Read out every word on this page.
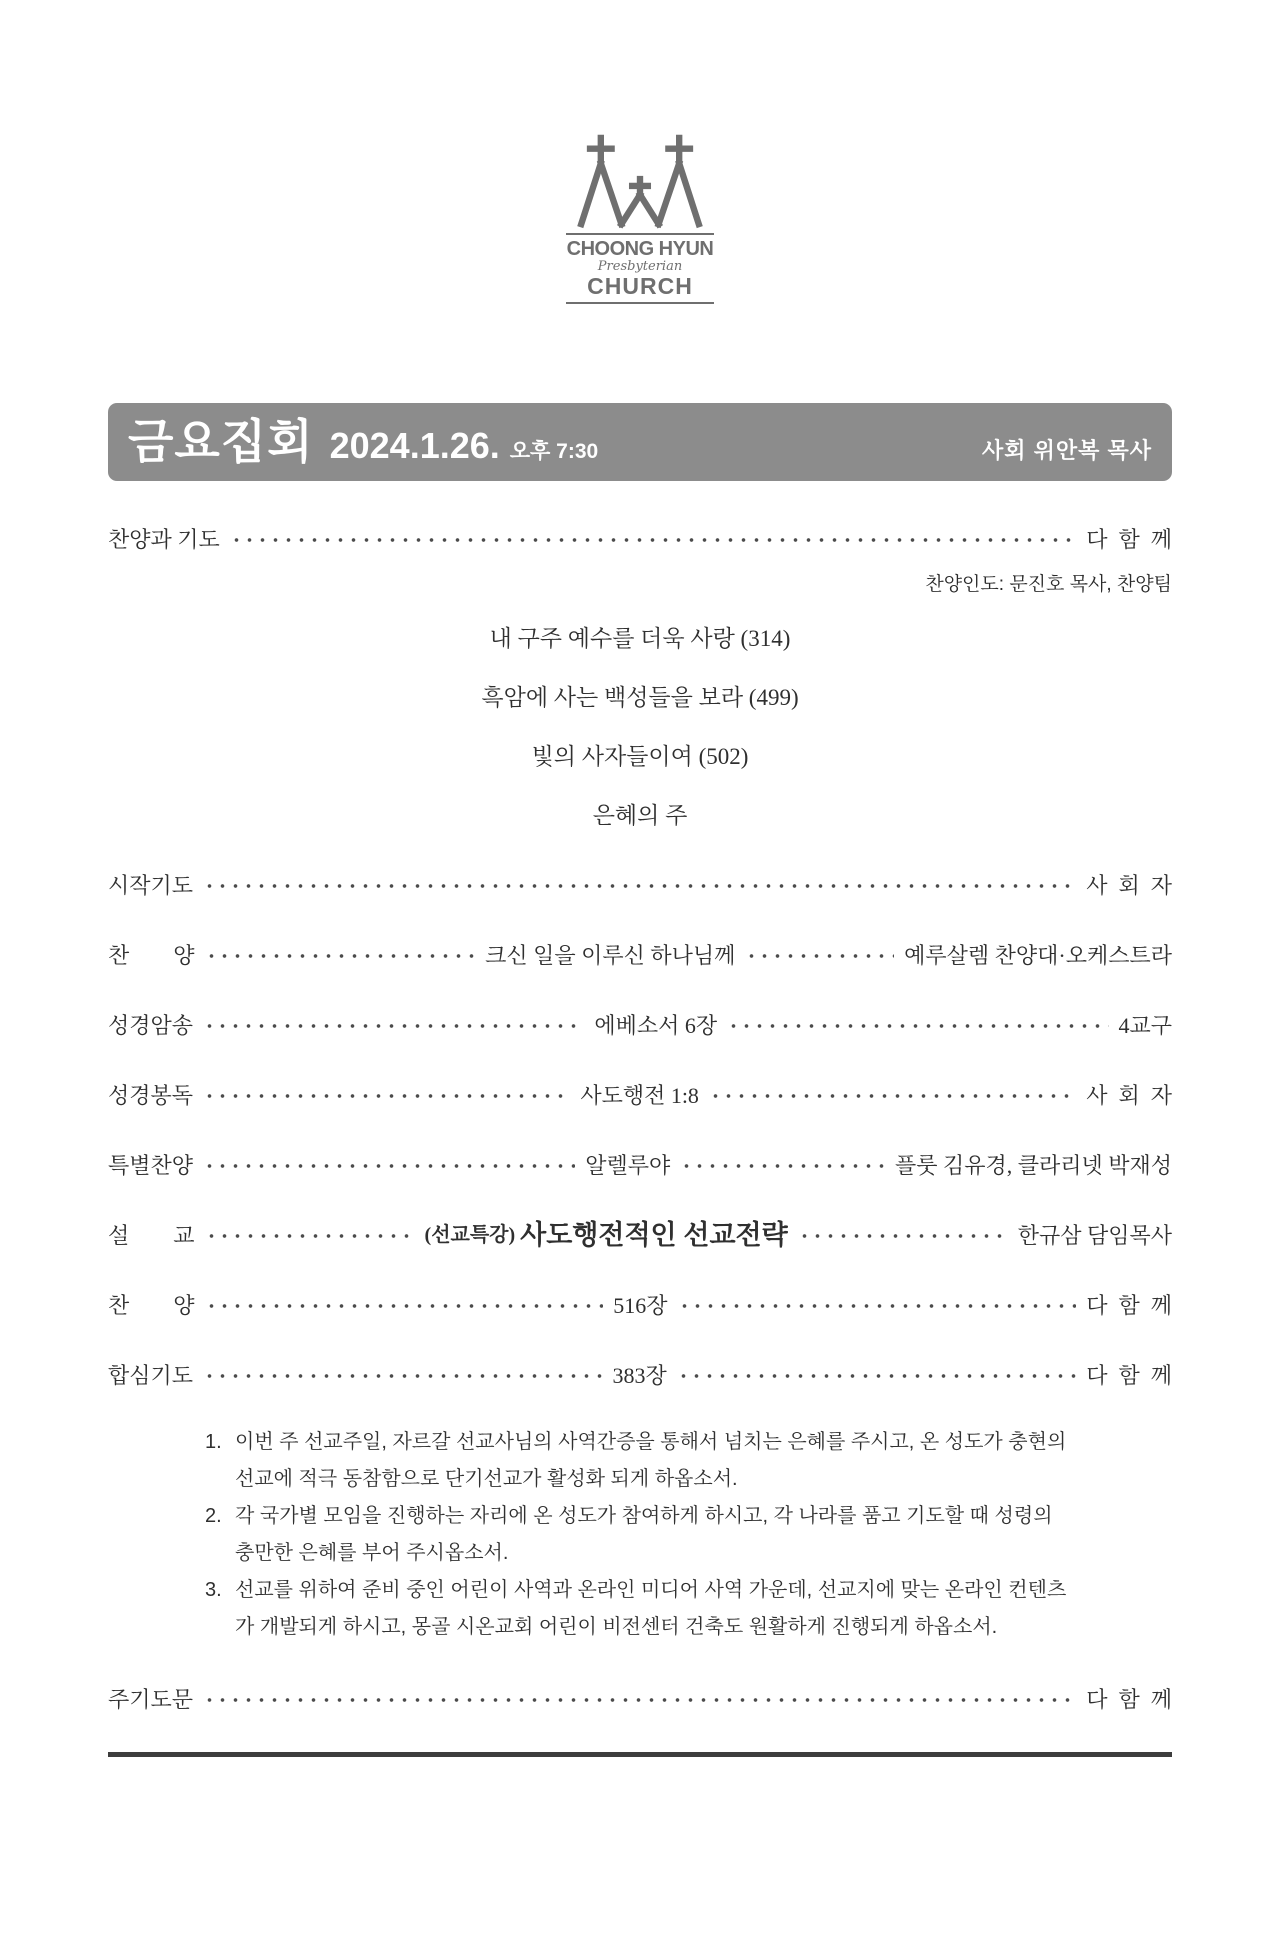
CHOONG HYUN
Presbyterian
CHURCH
금요집회 2024.1.26. 오후 7:30	사회 위안복 목사
찬양과 기도	다  함  께
찬양인도: 문진호 목사, 찬양팀
내 구주 예수를 더욱 사랑 (314)
흑암에 사는 백성들을 보라 (499)
빛의 사자들이여 (502)
은혜의 주
시작기도	사  회  자
찬        양	크신 일을 이루신 하나님께	예루살렘 찬양대·오케스트라
성경암송	에베소서 6장	4교구
성경봉독	사도행전 1:8	사  회  자
특별찬양	알렐루야	플룻 김유경, 클라리넷 박재성
설        교	(선교특강) 사도행전적인 선교전략	한규삼 담임목사
찬        양	516장	다  함  께
합심기도	383장	다  함  께
1. 이번 주 선교주일, 자르갈 선교사님의 사역간증을 통해서 넘치는 은혜를 주시고, 온 성도가 충현의 선교에 적극 동참함으로 단기선교가 활성화 되게 하옵소서.
2. 각 국가별 모임을 진행하는 자리에 온 성도가 참여하게 하시고, 각 나라를 품고 기도할 때 성령의 충만한 은혜를 부어 주시옵소서.
3. 선교를 위하여 준비 중인 어린이 사역과 온라인 미디어 사역 가운데, 선교지에 맞는 온라인 컨텐츠가 개발되게 하시고, 몽골 시온교회 어린이 비전센터 건축도 원활하게 진행되게 하옵소서.
주기도문	다  함  께
